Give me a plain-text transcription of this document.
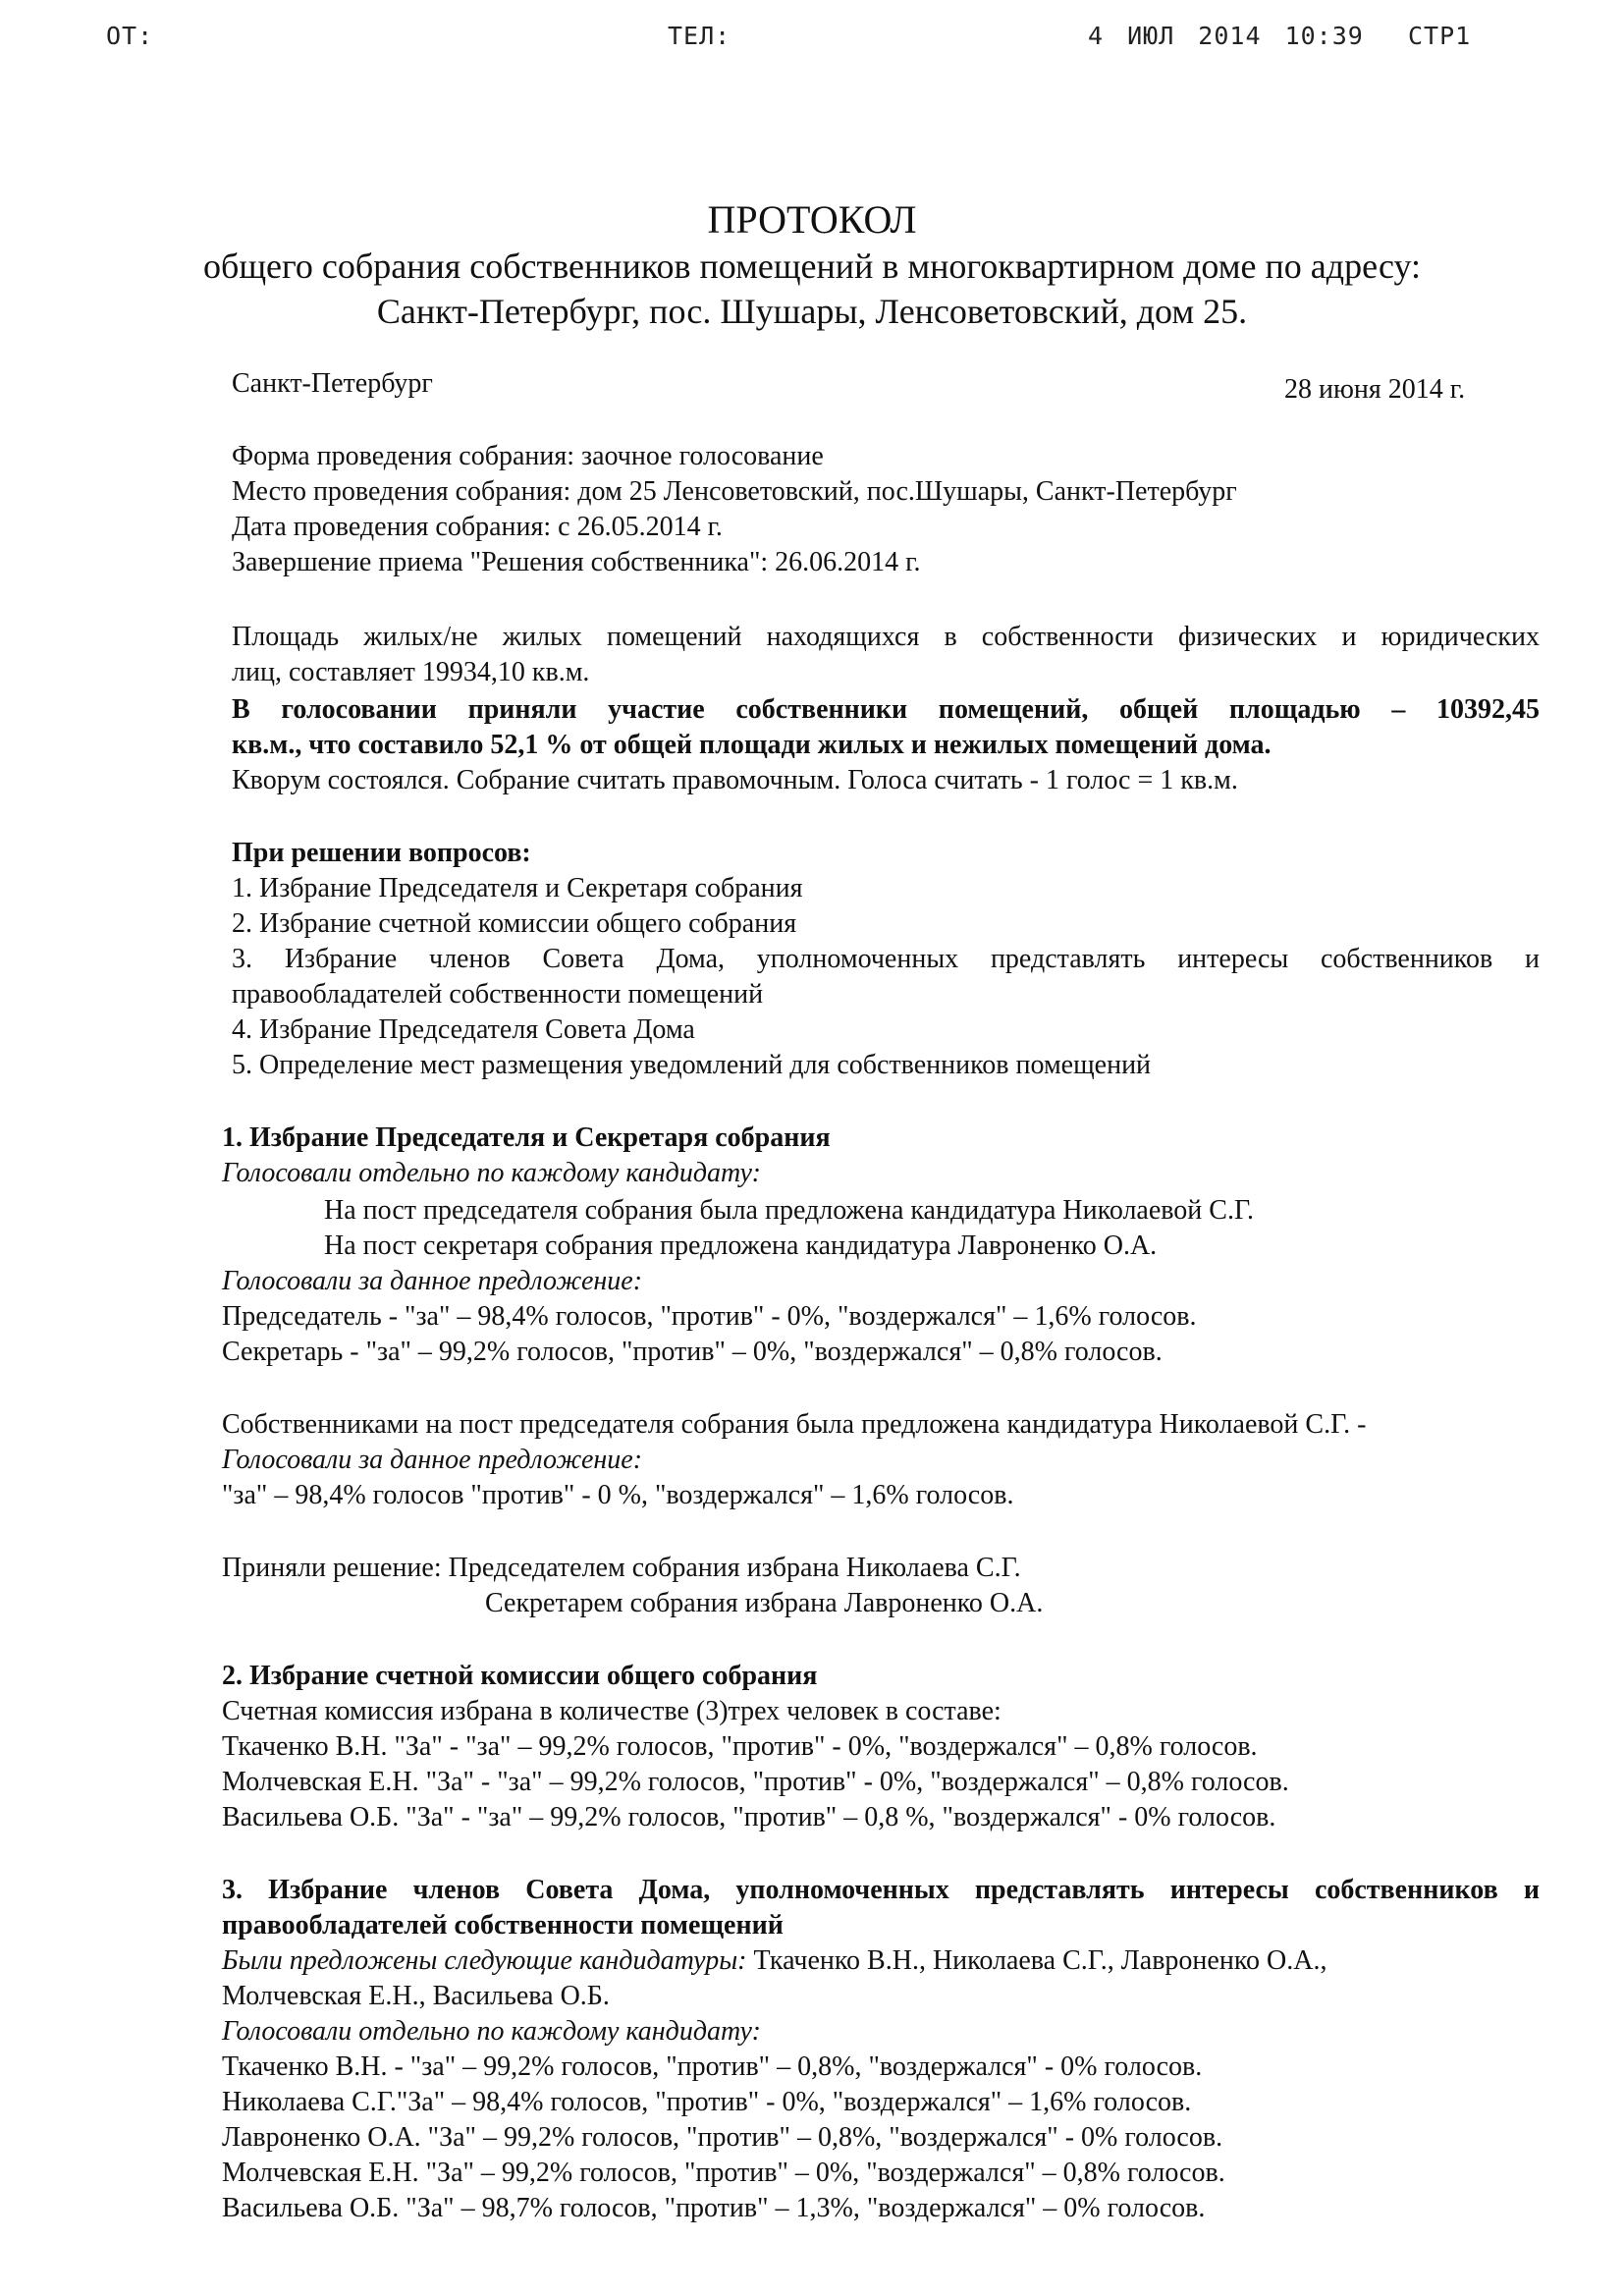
ОТ:	ТЕЛ:	4 ИЮЛ 2014 10:39 СТР1
ПРОТОКОЛ
общего собрания собственников помещений в многоквартирном доме по адресу:
Санкт-Петербург, пос. Шушары, Ленсоветовский, дом 25.
Санкт-Петербург	28 июня 2014 г.
Форма проведения собрания: заочное голосование
Место проведения собрания: дом 25 Ленсоветовский, пос.Шушары, Санкт-Петербург
Дата проведения собрания: с 26.05.2014 г.
Завершение приема "Решения собственника": 26.06.2014 г.
Площадь жилых/не жилых помещений находящихся в собственности физических и юридических
лиц, составляет 19934,10 кв.м.
В голосовании приняли участие собственники помещений, общей площадью – 10392,45
кв.м., что составило 52,1 % от общей площади жилых и нежилых помещений дома.
Кворум состоялся. Собрание считать правомочным. Голоса считать - 1 голос = 1 кв.м.
При решении вопросов:
1. Избрание Председателя и Секретаря собрания
2. Избрание счетной комиссии общего собрания
3. Избрание членов Совета Дома, уполномоченных представлять интересы собственников и
правообладателей собственности помещений
4. Избрание Председателя Совета Дома
5. Определение мест размещения уведомлений для собственников помещений
1. Избрание Председателя и Секретаря собрания
Голосовали отдельно по каждому кандидату:
На пост председателя собрания была предложена кандидатура Николаевой С.Г.
На пост секретаря собрания предложена кандидатура Лавроненко О.А.
Голосовали за данное предложение:
Председатель - "за" – 98,4% голосов, "против" - 0%, "воздержался" – 1,6% голосов.
Секретарь - "за" – 99,2% голосов, "против" – 0%, "воздержался" – 0,8% голосов.
Собственниками на пост председателя собрания была предложена кандидатура Николаевой С.Г. -
Голосовали за данное предложение:
"за" – 98,4% голосов "против" - 0 %, "воздержался" – 1,6% голосов.
Приняли решение: Председателем собрания избрана Николаева С.Г.
Секретарем собрания избрана Лавроненко О.А.
2. Избрание счетной комиссии общего собрания
Счетная комиссия избрана в количестве (3)трех человек в составе:
Ткаченко В.Н. "За" - "за" – 99,2% голосов, "против" - 0%, "воздержался" – 0,8% голосов.
Молчевская Е.Н. "За" - "за" – 99,2% голосов, "против" - 0%, "воздержался" – 0,8% голосов.
Васильева О.Б. "За" - "за" – 99,2% голосов, "против" – 0,8 %, "воздержался" - 0% голосов.
3. Избрание членов Совета Дома, уполномоченных представлять интересы собственников и
правообладателей собственности помещений
Были предложены следующие кандидатуры: Ткаченко В.Н., Николаева С.Г., Лавроненко О.А.,
Молчевская Е.Н., Васильева О.Б.
Голосовали отдельно по каждому кандидату:
Ткаченко В.Н. - "за" – 99,2% голосов, "против" – 0,8%, "воздержался" - 0% голосов.
Николаева С.Г."За" – 98,4% голосов, "против" - 0%, "воздержался" – 1,6% голосов.
Лавроненко О.А. "За" – 99,2% голосов, "против" – 0,8%, "воздержался" - 0% голосов.
Молчевская Е.Н. "За" – 99,2% голосов, "против" – 0%, "воздержался" – 0,8% голосов.
Васильева О.Б. "За" – 98,7% голосов, "против" – 1,3%, "воздержался" – 0% голосов.
